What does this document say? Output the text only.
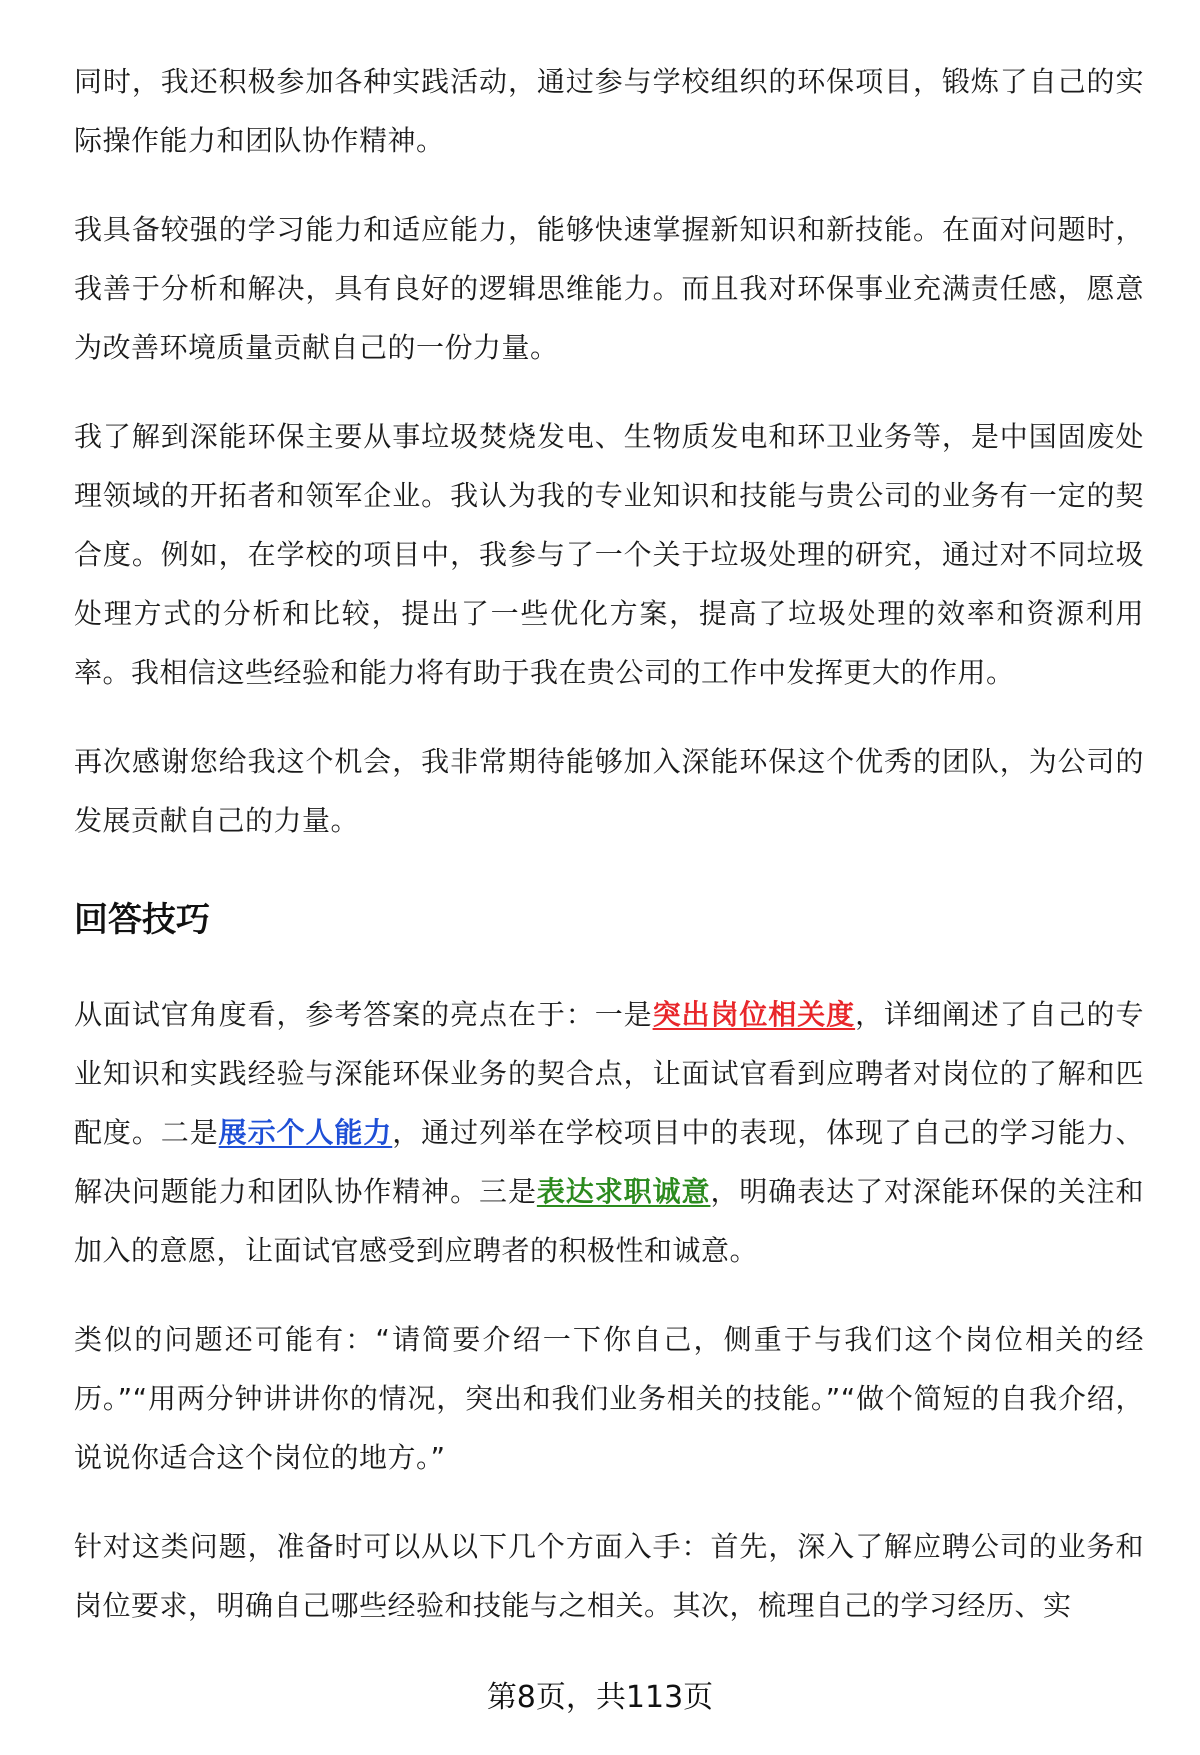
同时，我还积极参加各种实践活动，通过参与学校组织的环保项目，锻炼了自己的实际操作能力和团队协作精神。

我具备较强的学习能力和适应能力，能够快速掌握新知识和新技能。在面对问题时，我善于分析和解决，具有良好的逻辑思维能力。而且我对环保事业充满责任感，愿意为改善环境质量贡献自己的一份力量。

我了解到深能环保主要从事垃圾焚烧发电、生物质发电和环卫业务等，是中国固废处理领域的开拓者和领军企业。我认为我的专业知识和技能与贵公司的业务有一定的契合度。例如，在学校的项目中，我参与了一个关于垃圾处理的研究，通过对不同垃圾处理方式的分析和比较，提出了一些优化方案，提高了垃圾处理的效率和资源利用率。我相信这些经验和能力将有助于我在贵公司的工作中发挥更大的作用。

再次感谢您给我这个机会，我非常期待能够加入深能环保这个优秀的团队，为公司的发展贡献自己的力量。

回答技巧

从面试官角度看，参考答案的亮点在于：一是突出岗位相关度，详细阐述了自己的专业知识和实践经验与深能环保业务的契合点，让面试官看到应聘者对岗位的了解和匹配度。二是展示个人能力，通过列举在学校项目中的表现，体现了自己的学习能力、解决问题能力和团队协作精神。三是表达求职诚意，明确表达了对深能环保的关注和加入的意愿，让面试官感受到应聘者的积极性和诚意。

类似的问题还可能有：“请简要介绍一下你自己，侧重于与我们这个岗位相关的经历。”“用两分钟讲讲你的情况，突出和我们业务相关的技能。”“做个简短的自我介绍，说说你适合这个岗位的地方。”

针对这类问题，准备时可以从以下几个方面入手：首先，深入了解应聘公司的业务和岗位要求，明确自己哪些经验和技能与之相关。其次，梳理自己的学习经历、实

第8页，共113页
